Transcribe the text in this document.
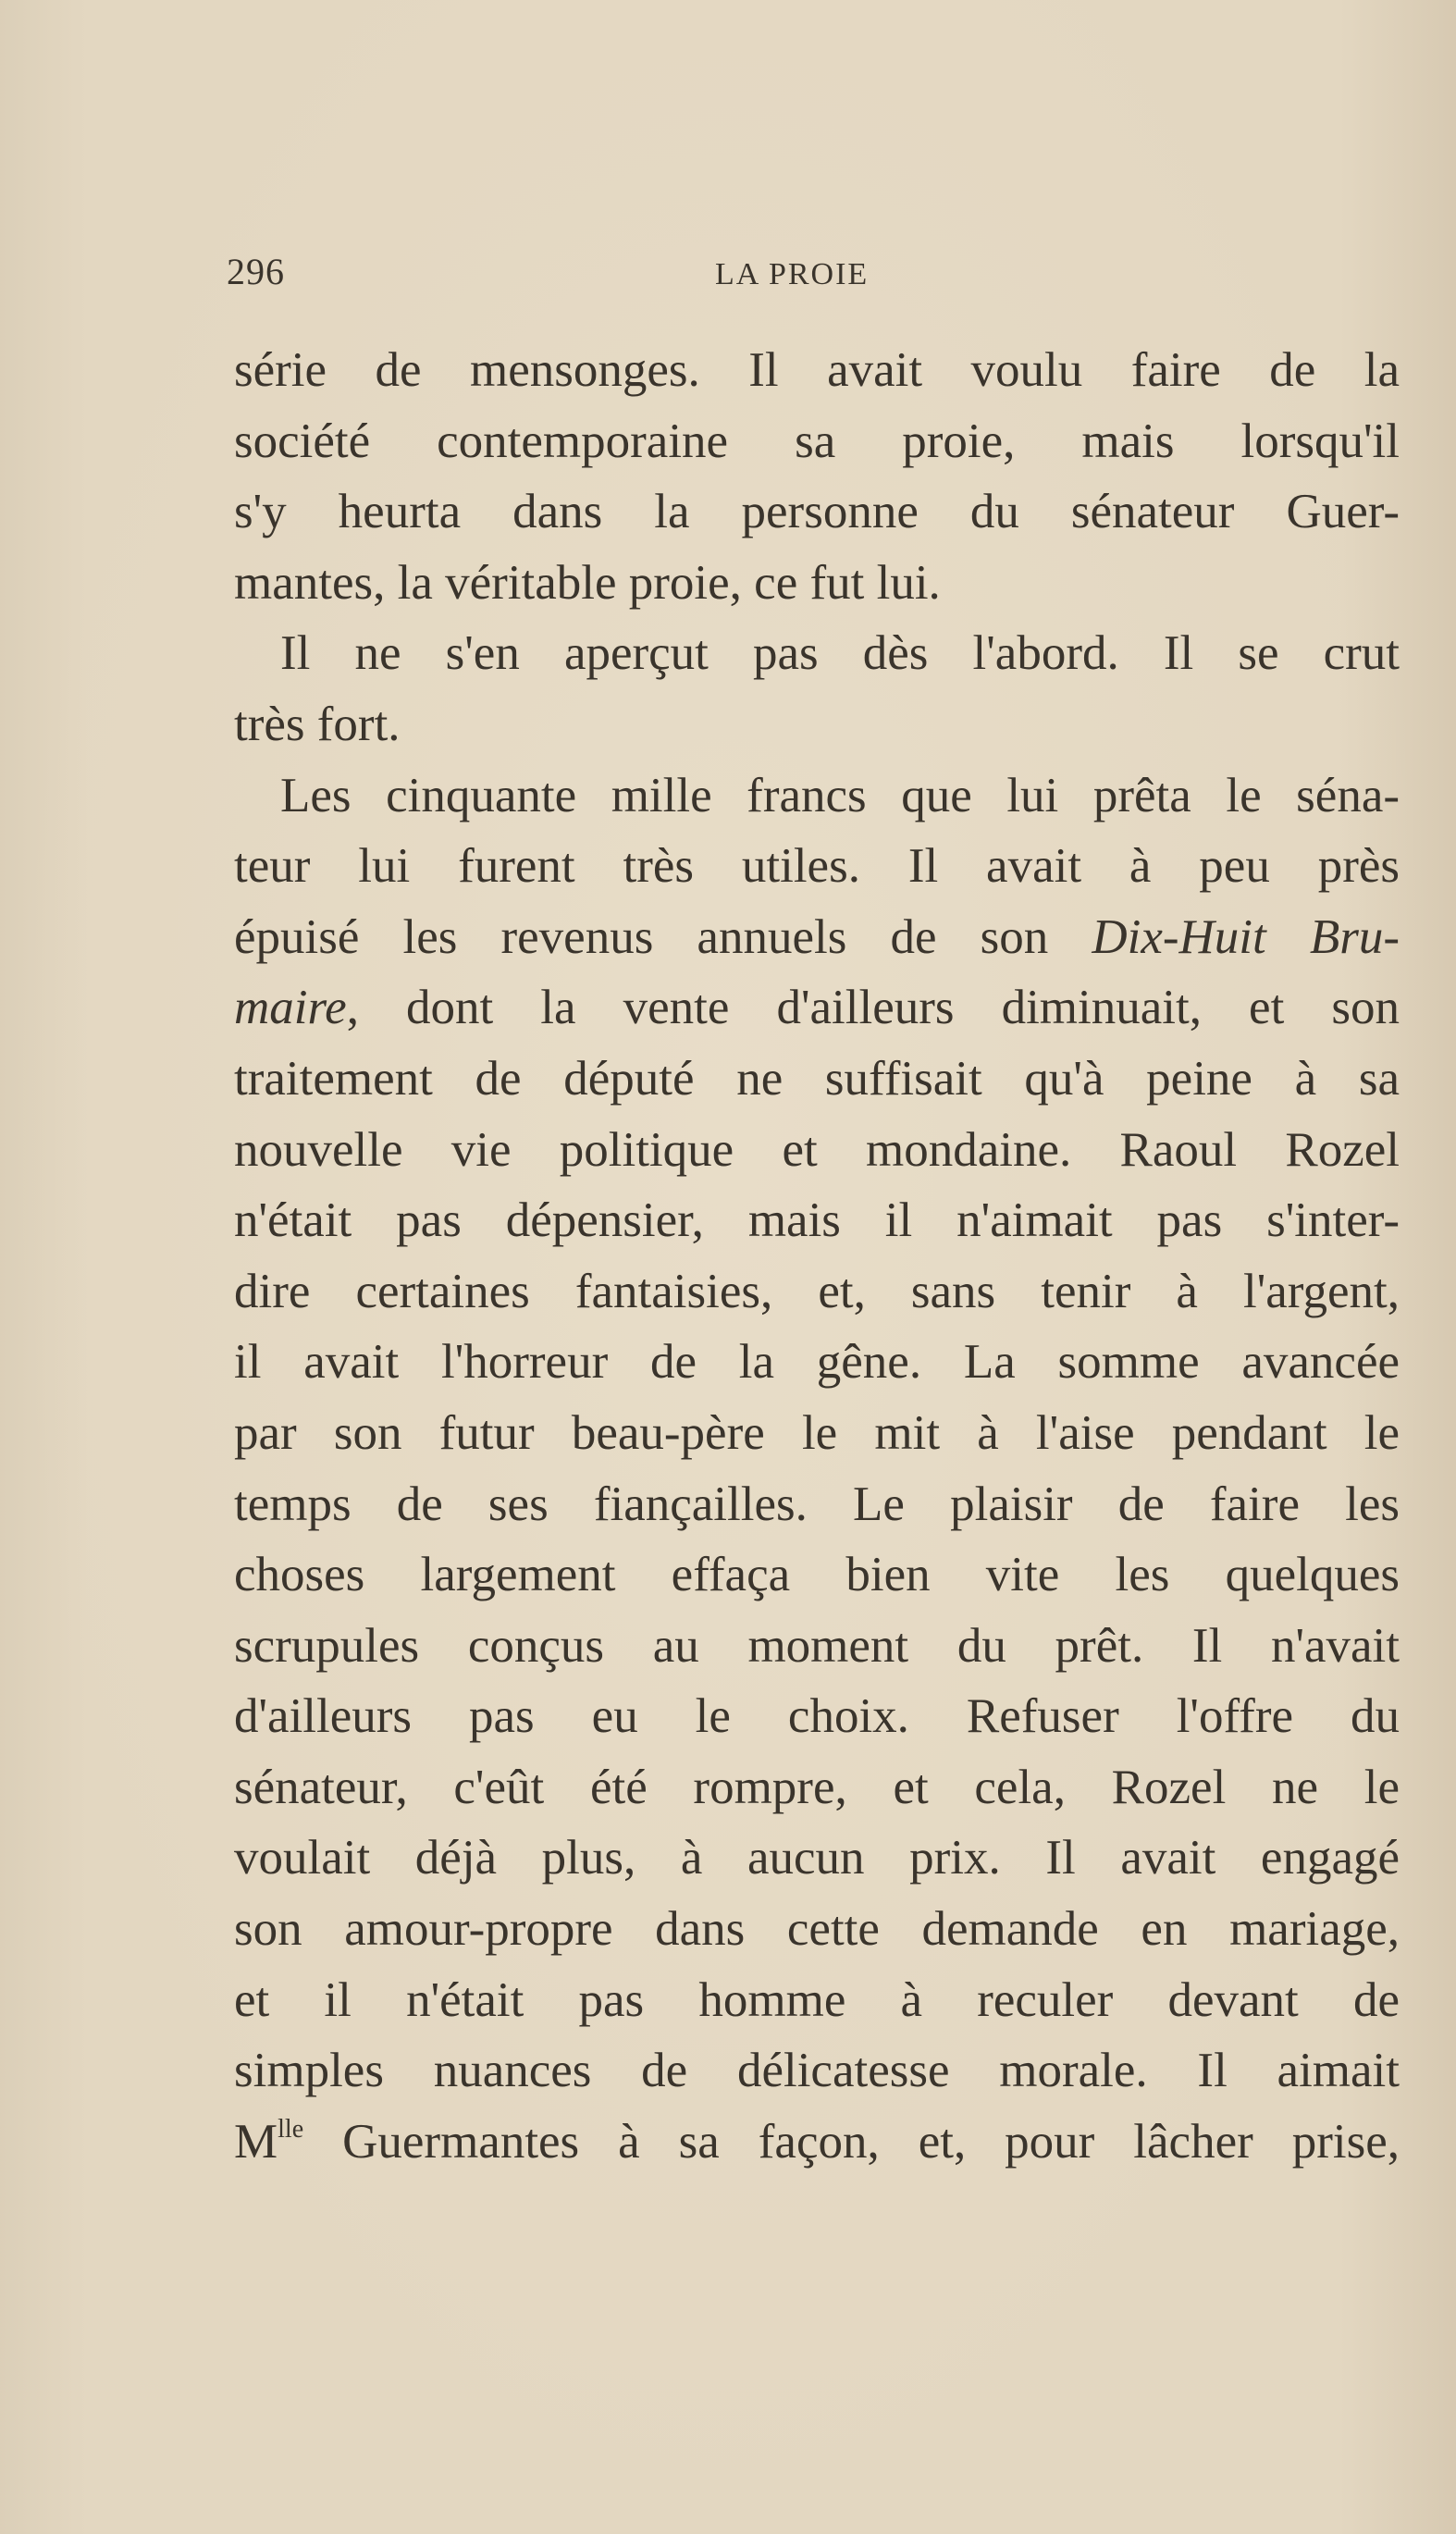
296	LA PROIE
série de mensonges. Il avait voulu faire de la
société contemporaine sa proie, mais lorsqu'il
s'y heurta dans la personne du sénateur Guer-
mantes, la véritable proie, ce fut lui.
Il ne s'en aperçut pas dès l'abord. Il se crut
très fort.
Les cinquante mille francs que lui prêta le séna-
teur lui furent très utiles. Il avait à peu près
épuisé les revenus annuels de son Dix-Huit Bru-
maire, dont la vente d'ailleurs diminuait, et son
traitement de député ne suffisait qu'à peine à sa
nouvelle vie politique et mondaine. Raoul Rozel
n'était pas dépensier, mais il n'aimait pas s'inter-
dire certaines fantaisies, et, sans tenir à l'argent,
il avait l'horreur de la gêne. La somme avancée
par son futur beau-père le mit à l'aise pendant le
temps de ses fiançailles. Le plaisir de faire les
choses largement effaça bien vite les quelques
scrupules conçus au moment du prêt. Il n'avait
d'ailleurs pas eu le choix. Refuser l'offre du
sénateur, c'eût été rompre, et cela, Rozel ne le
voulait déjà plus, à aucun prix. Il avait engagé
son amour-propre dans cette demande en mariage,
et il n'était pas homme à reculer devant de
simples nuances de délicatesse morale. Il aimait
$M^{lle}$ Guermantes à sa façon, et, pour lâcher prise,
